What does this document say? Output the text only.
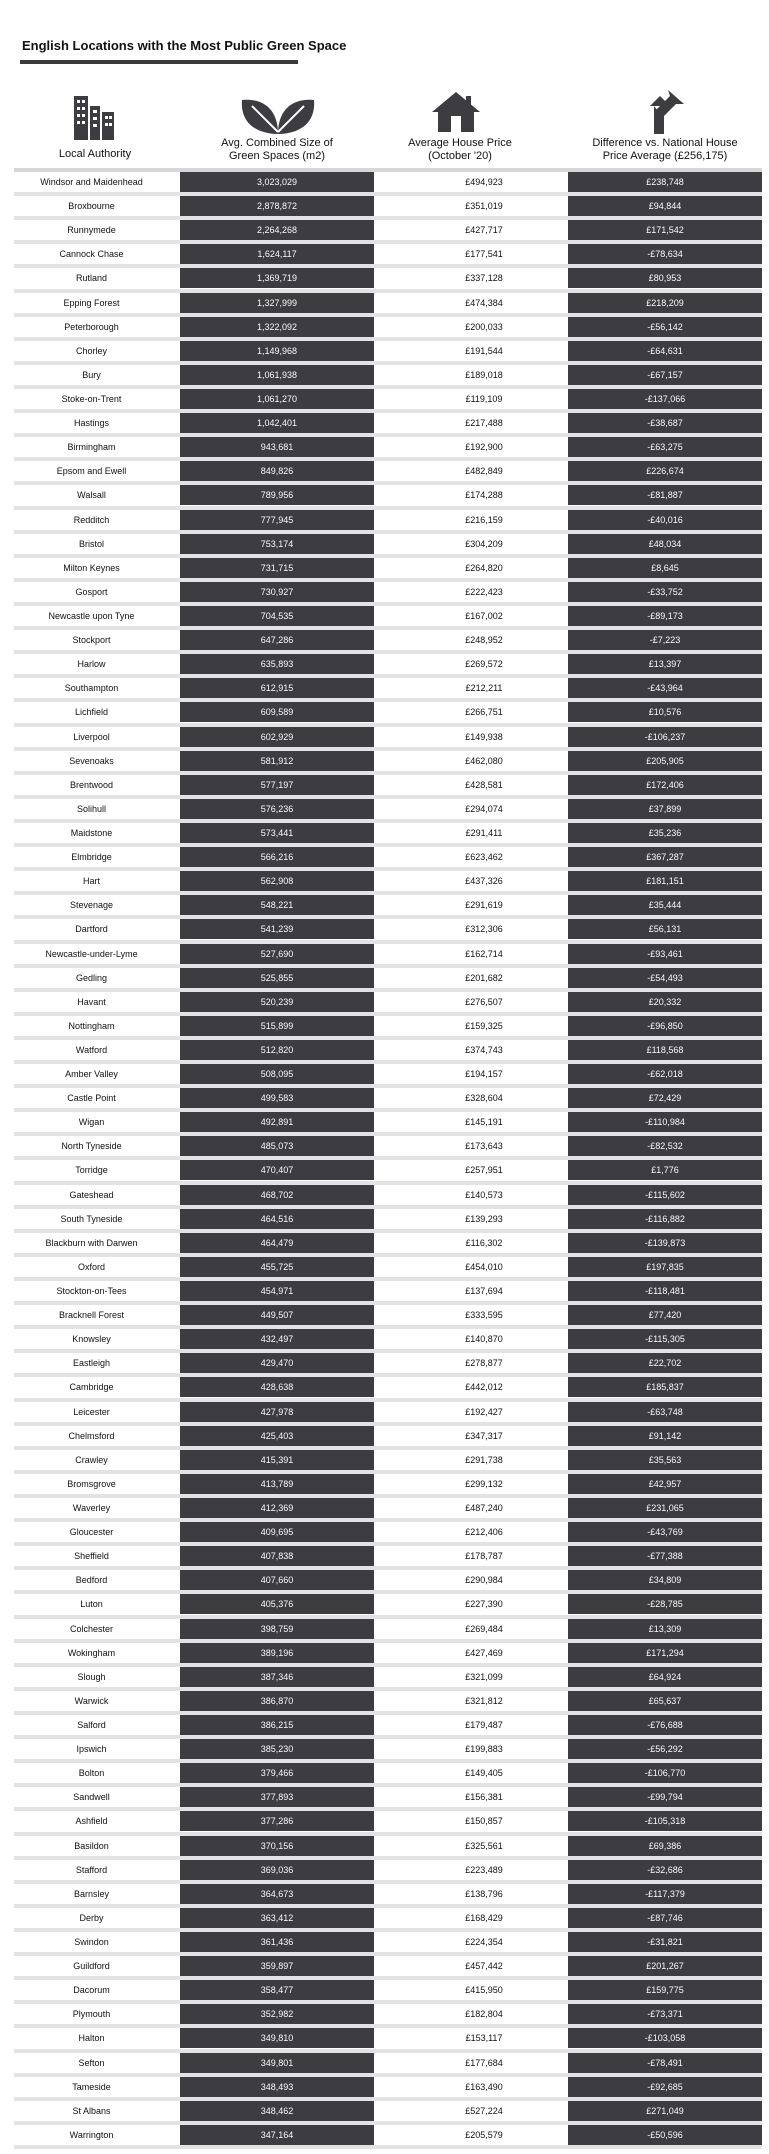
English Locations with the Most Public Green Space
Local Authority
Avg. Combined Size of
Green Spaces (m2)
Average House Price
(October '20)
Difference vs. National House
Price Average (£256,175)
Windsor and Maidenhead	3,023,029	£494,923	£238,748
Broxbourne	2,878,872	£351,019	£94,844
Runnymede	2,264,268	£427,717	£171,542
Cannock Chase	1,624,117	£177,541	-£78,634
Rutland	1,369,719	£337,128	£80,953
Epping Forest	1,327,999	£474,384	£218,209
Peterborough	1,322,092	£200,033	-£56,142
Chorley	1,149,968	£191,544	-£64,631
Bury	1,061,938	£189,018	-£67,157
Stoke-on-Trent	1,061,270	£119,109	-£137,066
Hastings	1,042,401	£217,488	-£38,687
Birmingham	943,681	£192,900	-£63,275
Epsom and Ewell	849,826	£482,849	£226,674
Walsall	789,956	£174,288	-£81,887
Redditch	777,945	£216,159	-£40,016
Bristol	753,174	£304,209	£48,034
Milton Keynes	731,715	£264,820	£8,645
Gosport	730,927	£222,423	-£33,752
Newcastle upon Tyne	704,535	£167,002	-£89,173
Stockport	647,286	£248,952	-£7,223
Harlow	635,893	£269,572	£13,397
Southampton	612,915	£212,211	-£43,964
Lichfield	609,589	£266,751	£10,576
Liverpool	602,929	£149,938	-£106,237
Sevenoaks	581,912	£462,080	£205,905
Brentwood	577,197	£428,581	£172,406
Solihull	576,236	£294,074	£37,899
Maidstone	573,441	£291,411	£35,236
Elmbridge	566,216	£623,462	£367,287
Hart	562,908	£437,326	£181,151
Stevenage	548,221	£291,619	£35,444
Dartford	541,239	£312,306	£56,131
Newcastle-under-Lyme	527,690	£162,714	-£93,461
Gedling	525,855	£201,682	-£54,493
Havant	520,239	£276,507	£20,332
Nottingham	515,899	£159,325	-£96,850
Watford	512,820	£374,743	£118,568
Amber Valley	508,095	£194,157	-£62,018
Castle Point	499,583	£328,604	£72,429
Wigan	492,891	£145,191	-£110,984
North Tyneside	485,073	£173,643	-£82,532
Torridge	470,407	£257,951	£1,776
Gateshead	468,702	£140,573	-£115,602
South Tyneside	464,516	£139,293	-£116,882
Blackburn with Darwen	464,479	£116,302	-£139,873
Oxford	455,725	£454,010	£197,835
Stockton-on-Tees	454,971	£137,694	-£118,481
Bracknell Forest	449,507	£333,595	£77,420
Knowsley	432,497	£140,870	-£115,305
Eastleigh	429,470	£278,877	£22,702
Cambridge	428,638	£442,012	£185,837
Leicester	427,978	£192,427	-£63,748
Chelmsford	425,403	£347,317	£91,142
Crawley	415,391	£291,738	£35,563
Bromsgrove	413,789	£299,132	£42,957
Waverley	412,369	£487,240	£231,065
Gloucester	409,695	£212,406	-£43,769
Sheffield	407,838	£178,787	-£77,388
Bedford	407,660	£290,984	£34,809
Luton	405,376	£227,390	-£28,785
Colchester	398,759	£269,484	£13,309
Wokingham	389,196	£427,469	£171,294
Slough	387,346	£321,099	£64,924
Warwick	386,870	£321,812	£65,637
Salford	386,215	£179,487	-£76,688
Ipswich	385,230	£199,883	-£56,292
Bolton	379,466	£149,405	-£106,770
Sandwell	377,893	£156,381	-£99,794
Ashfield	377,286	£150,857	-£105,318
Basildon	370,156	£325,561	£69,386
Stafford	369,036	£223,489	-£32,686
Barnsley	364,673	£138,796	-£117,379
Derby	363,412	£168,429	-£87,746
Swindon	361,436	£224,354	-£31,821
Guildford	359,897	£457,442	£201,267
Dacorum	358,477	£415,950	£159,775
Plymouth	352,982	£182,804	-£73,371
Halton	349,810	£153,117	-£103,058
Sefton	349,801	£177,684	-£78,491
Tameside	348,493	£163,490	-£92,685
St Albans	348,462	£527,224	£271,049
Warrington	347,164	£205,579	-£50,596
